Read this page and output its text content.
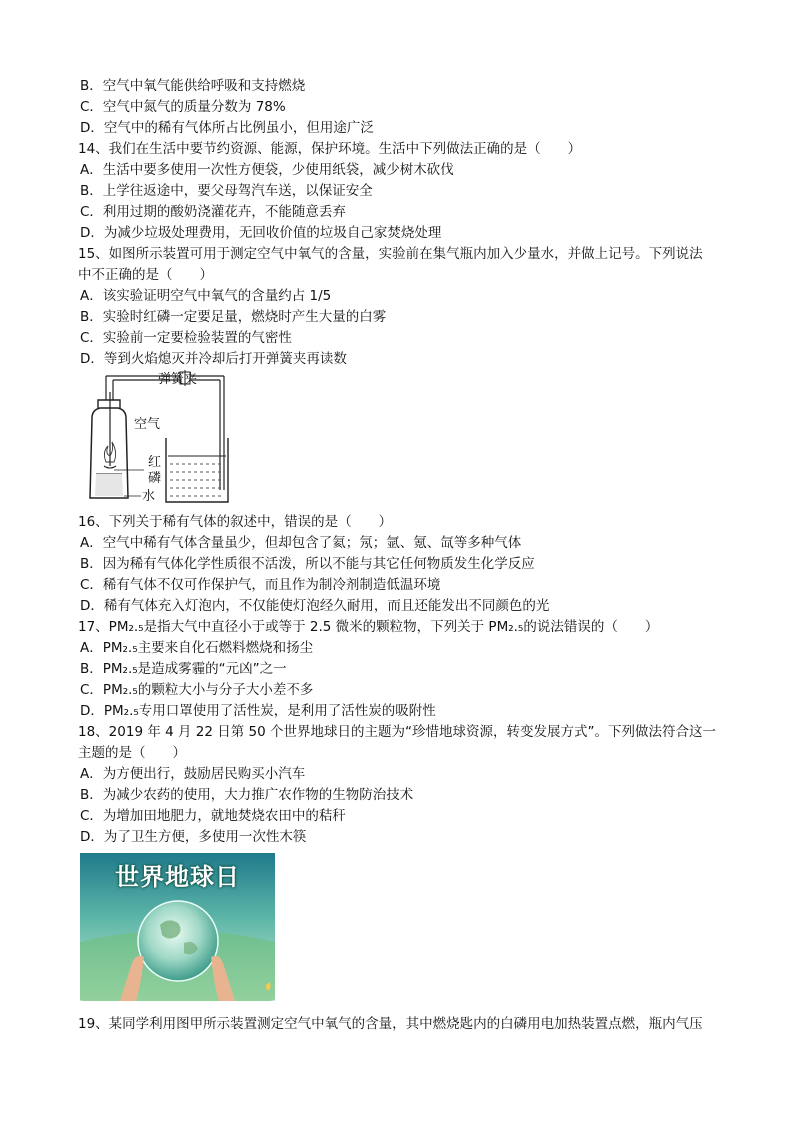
B．空气中氧气能供给呼吸和支持燃烧
C．空气中氮气的质量分数为 78%
D．空气中的稀有气体所占比例虽小，但用途广泛
14、我们在生活中要节约资源、能源，保护环境。生活中下列做法正确的是（　　）
A．生活中要多使用一次性方便袋，少使用纸袋，减少树木砍伐
B．上学往返途中，要父母驾汽车送，以保证安全
C．利用过期的酸奶浇灌花卉，不能随意丢弃
D．为减少垃圾处理费用，无回收价值的垃圾自己家焚烧处理
15、如图所示装置可用于测定空气中氧气的含量，实验前在集气瓶内加入少量水，并做上记号。下列说法
中不正确的是（　　）
A．该实验证明空气中氧气的含量约占 1/5
B．实验时红磷一定要足量，燃烧时产生大量的白雾
C．实验前一定要检验装置的气密性
D．等到火焰熄灭并冷却后打开弹簧夹再读数
弹簧夹
空气
红
磷
水
16、下列关于稀有气体的叙述中，错误的是（　　）
A．空气中稀有气体含量虽少，但却包含了氦；氖；氩、氪、氙等多种气体
B．因为稀有气体化学性质很不活泼，所以不能与其它任何物质发生化学反应
C．稀有气体不仅可作保护气，而且作为制冷剂制造低温环境
D．稀有气体充入灯泡内，不仅能使灯泡经久耐用，而且还能发出不同颜色的光
17、PM₂.₅是指大气中直径小于或等于 2.5 微米的颗粒物，下列关于 PM₂.₅的说法错误的（　　）
A．PM₂.₅主要来自化石燃料燃烧和扬尘
B．PM₂.₅是造成雾霾的“元凶”之一
C．PM₂.₅的颗粒大小与分子大小差不多
D．PM₂.₅专用口罩使用了活性炭，是利用了活性炭的吸附性
18、2019 年 4 月 22 日第 50 个世界地球日的主题为“珍惜地球资源，转变发展方式”。下列做法符合这一
主题的是（　　）
A．为方便出行，鼓励居民购买小汽车
B．为减少农药的使用，大力推广农作物的生物防治技术
C．为增加田地肥力，就地焚烧农田中的秸秆
D．为了卫生方便，多使用一次性木筷
世界地球日
19、某同学利用图甲所示装置测定空气中氧气的含量，其中燃烧匙内的白磷用电加热装置点燃，瓶内气压
